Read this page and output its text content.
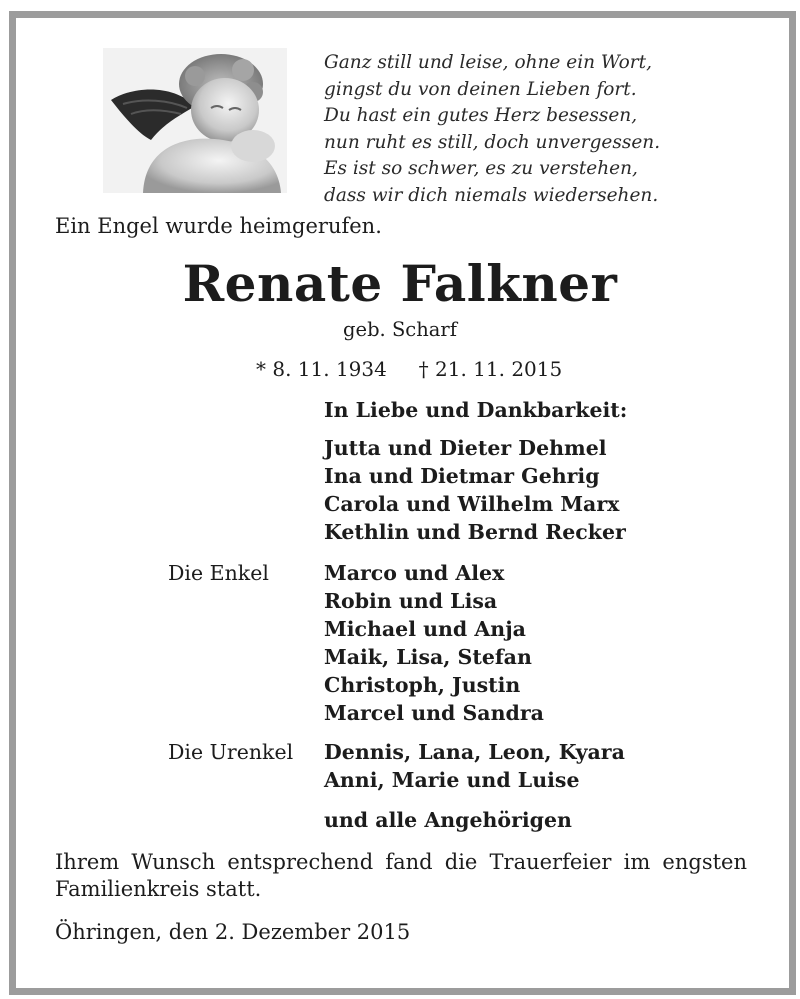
Ganz still und leise, ohne ein Wort,
gingst du von deinen Lieben fort.
Du hast ein gutes Herz besessen,
nun ruht es still, doch unvergessen.
Es ist so schwer, es zu verstehen,
dass wir dich niemals wiedersehen.
Ein Engel wurde heimgerufen.
Renate Falkner
geb. Scharf
* 8. 11. 1934     † 21. 11. 2015
In Liebe und Dankbarkeit:
Jutta und Dieter Dehmel
Ina und Dietmar Gehrig
Carola und Wilhelm Marx
Kethlin und Bernd Recker
Die Enkel	Marco und Alex
Robin und Lisa
Michael und Anja
Maik, Lisa, Stefan
Christoph, Justin
Marcel und Sandra
Die Urenkel Dennis, Lana, Leon, Kyara
Anni, Marie und Luise
und alle Angehörigen
Ihrem Wunsch entsprechend fand die Trauerfeier im engsten Familienkreis statt.
Öhringen, den 2. Dezember 2015
